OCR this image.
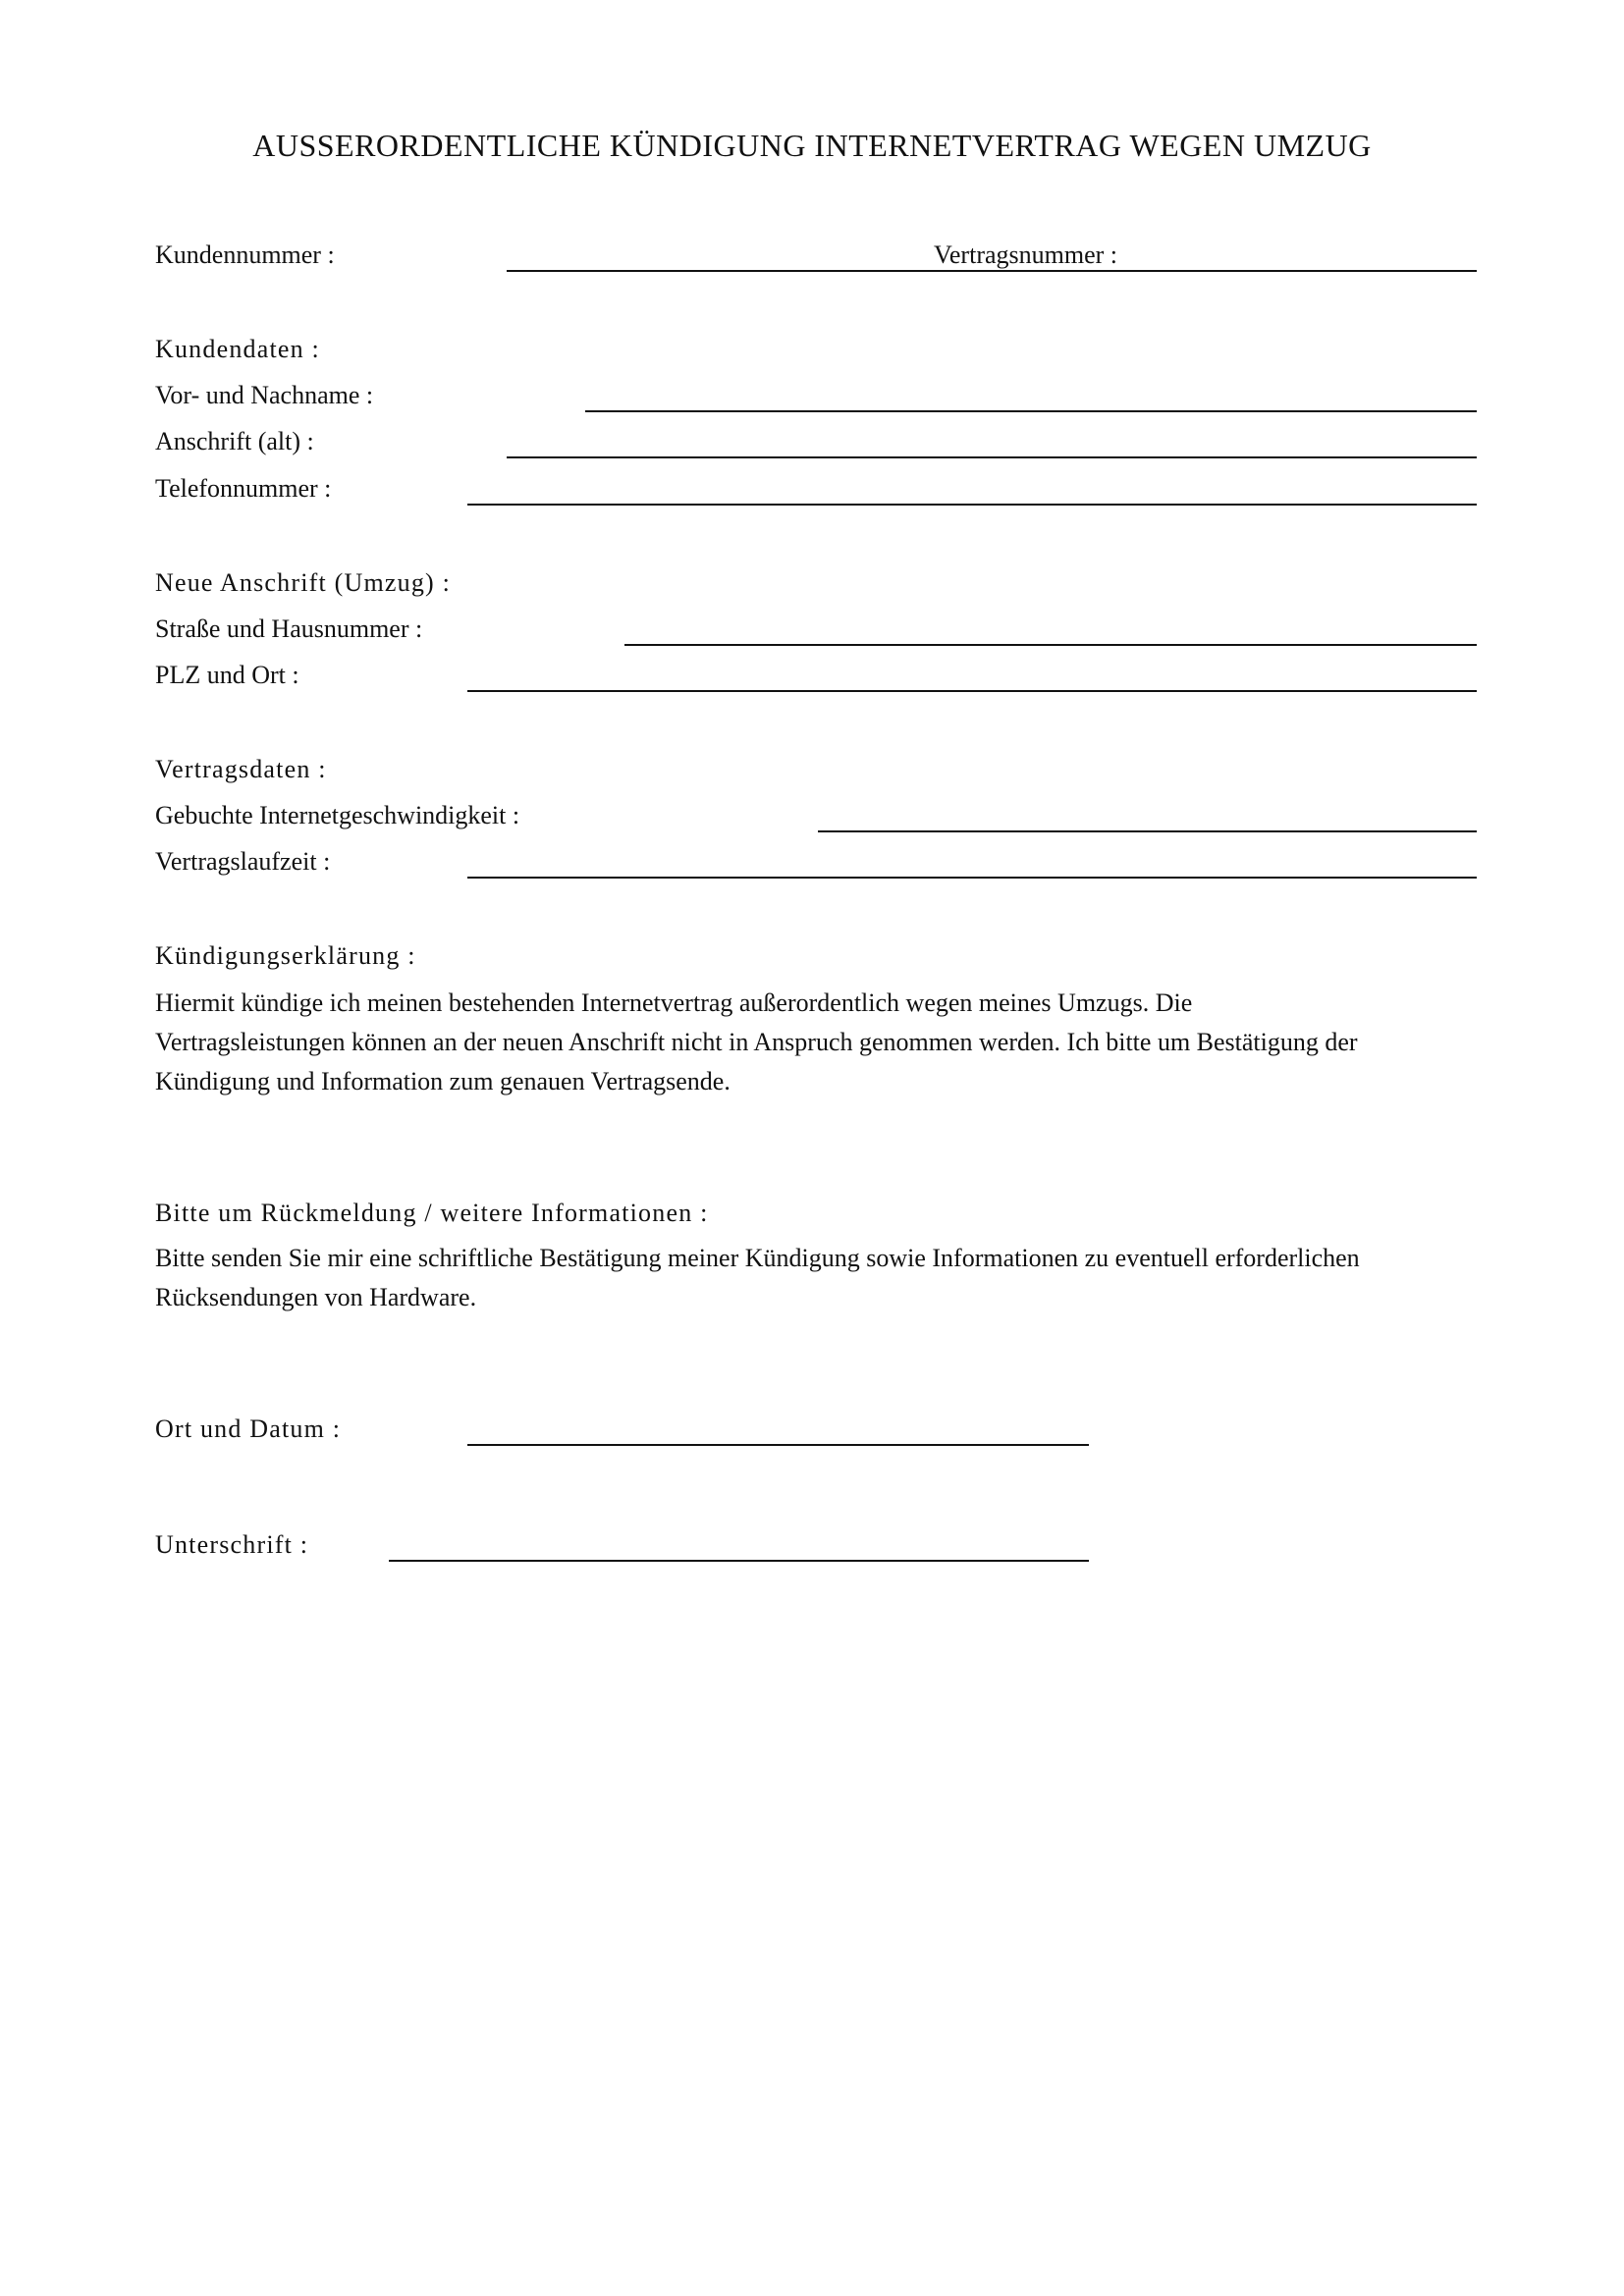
AUSSERORDENTLICHE KÜNDIGUNG INTERNETVERTRAG WEGEN UMZUG
Kundennummer :	Vertragsnummer :
Kundendaten :
Vor- und Nachname :
Anschrift (alt) :
Telefonnummer :
Neue Anschrift (Umzug) :
Straße und Hausnummer :
PLZ und Ort :
Vertragsdaten :
Gebuchte Internetgeschwindigkeit :
Vertragslaufzeit :
Kündigungserklärung :
Hiermit kündige ich meinen bestehenden Internetvertrag außerordentlich wegen meines Umzugs. Die
Vertragsleistungen können an der neuen Anschrift nicht in Anspruch genommen werden. Ich bitte um Bestätigung der
Kündigung und Information zum genauen Vertragsende.
Bitte um Rückmeldung / weitere Informationen :
Bitte senden Sie mir eine schriftliche Bestätigung meiner Kündigung sowie Informationen zu eventuell erforderlichen
Rücksendungen von Hardware.
Ort und Datum :
Unterschrift :
